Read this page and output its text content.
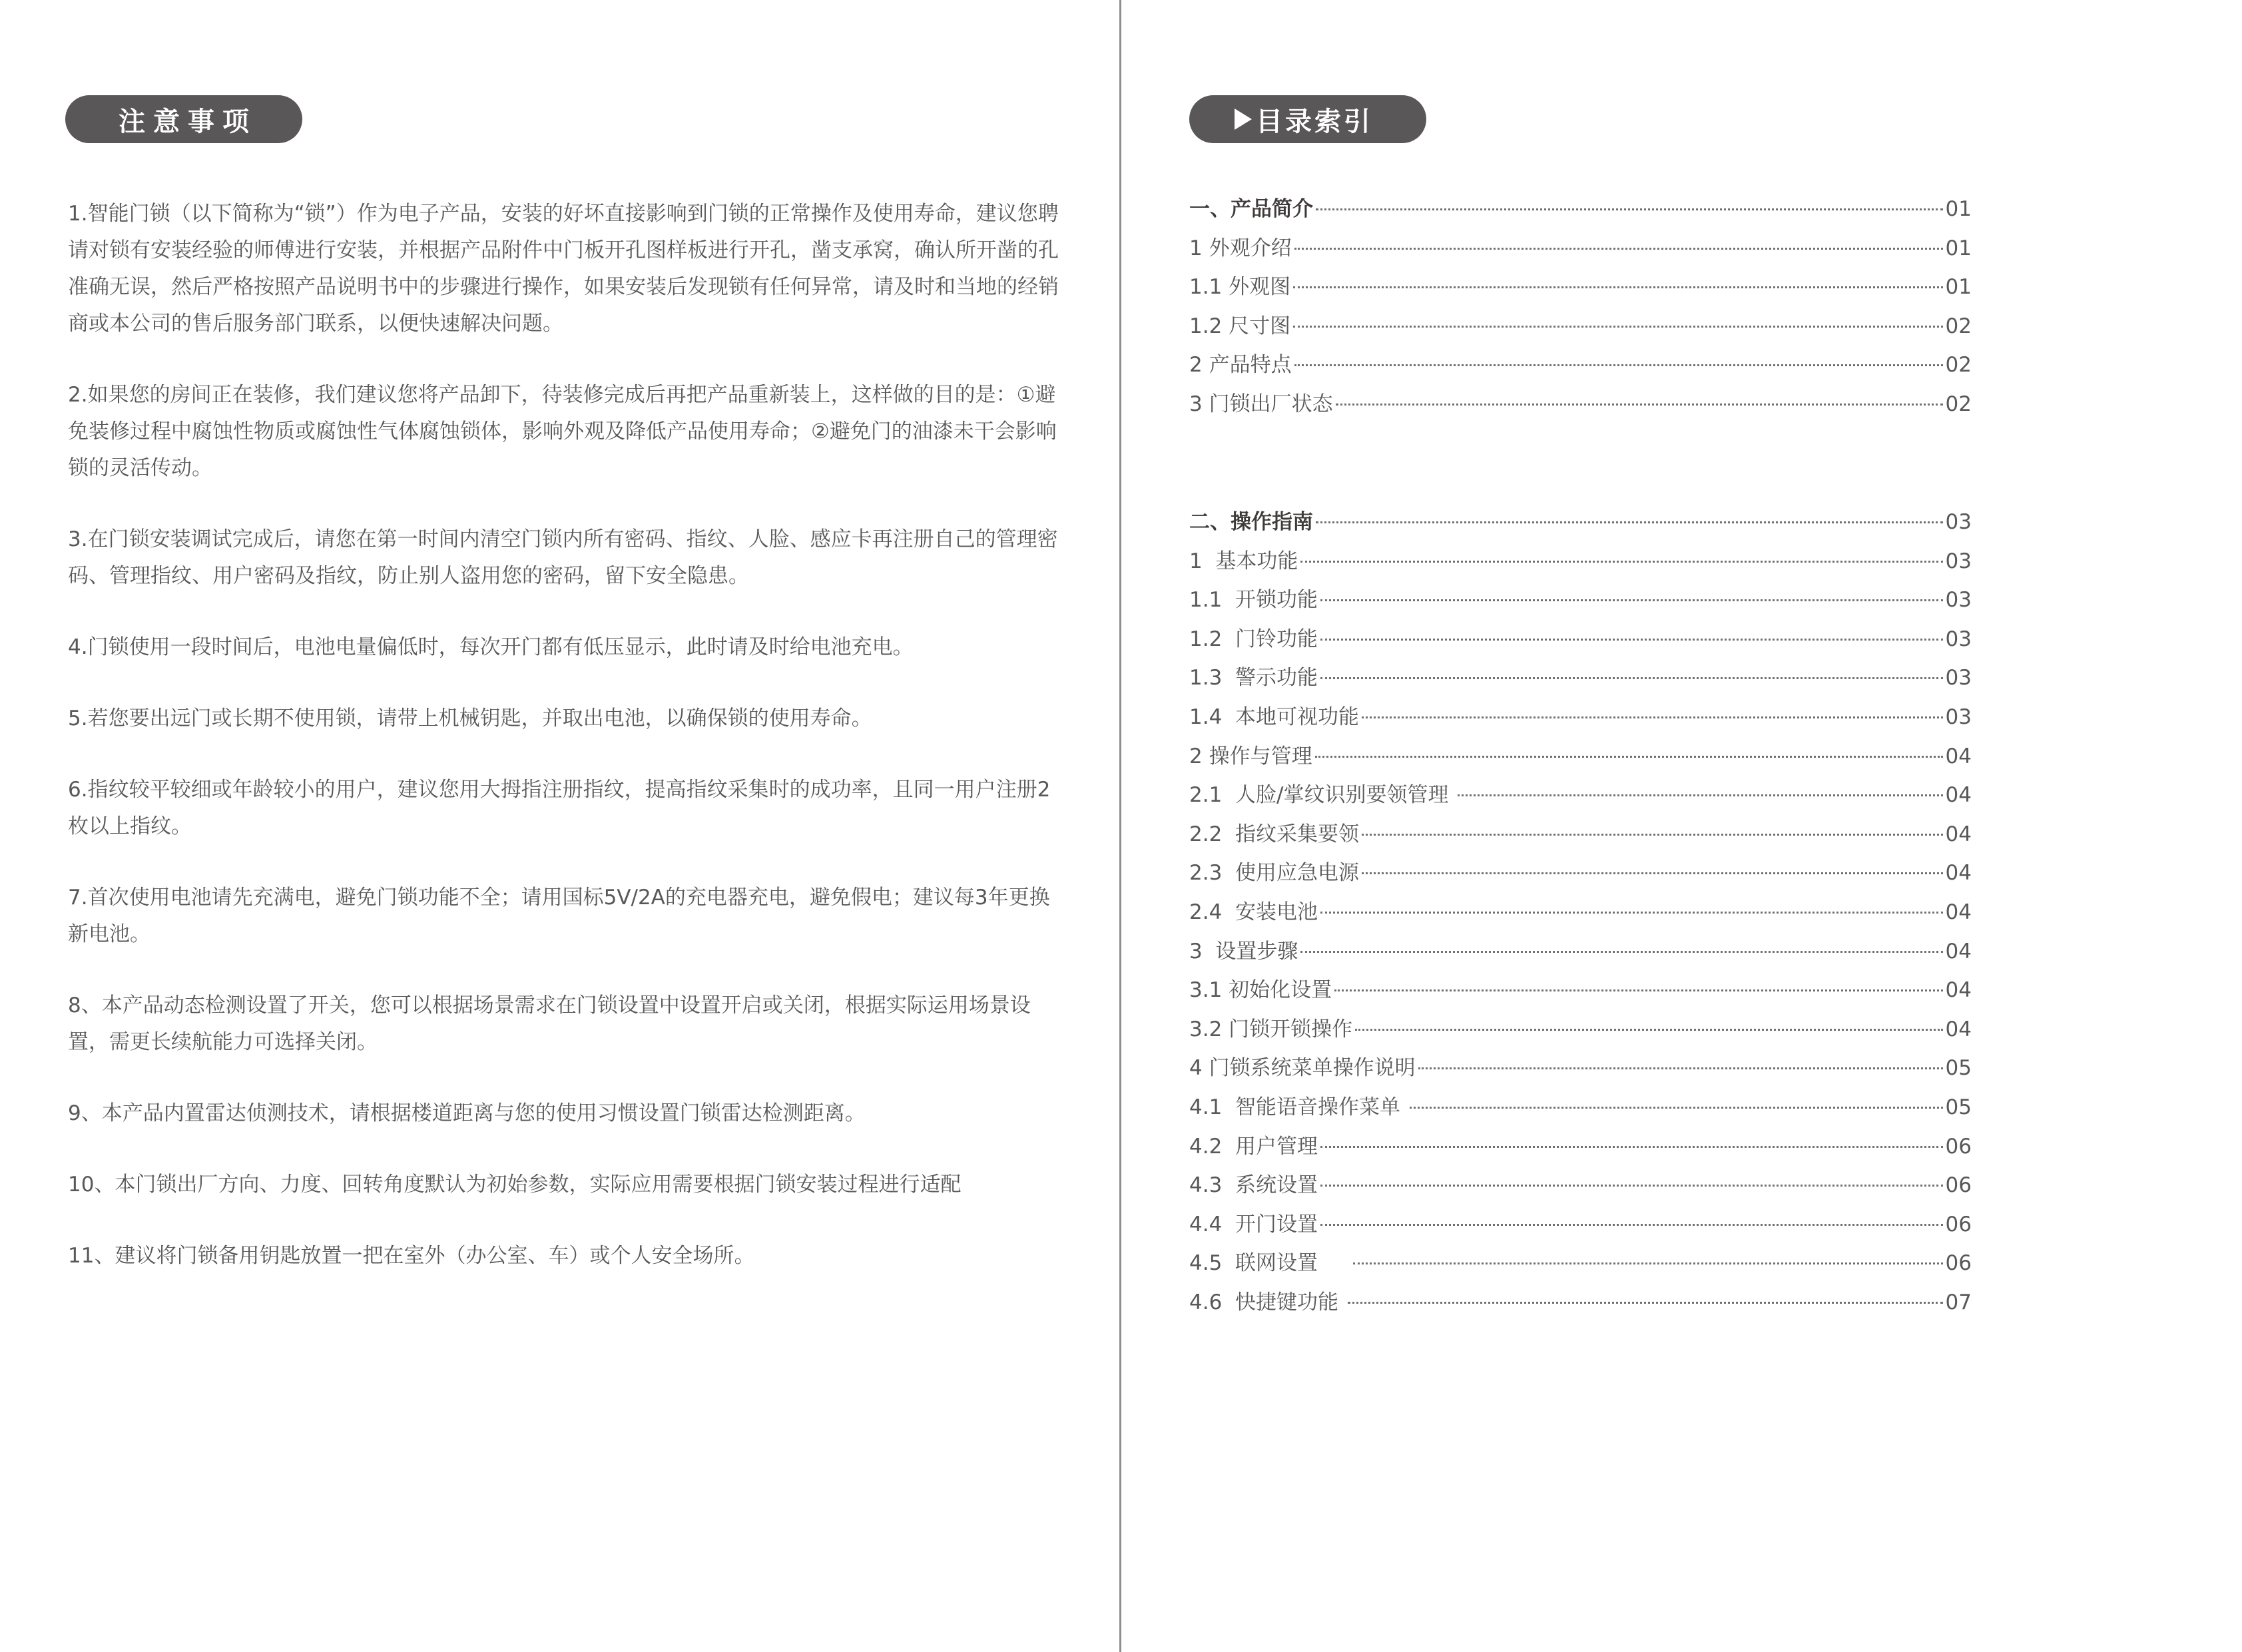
注意事项

1.智能门锁（以下简称为“锁”）作为电子产品，安装的好坏直接影响到门锁的正常操作及使用寿命，建议您聘请对锁有安装经验的师傅进行安装，并根据产品附件中门板开孔图样板进行开孔，凿支承窝，确认所开凿的孔准确无误，然后严格按照产品说明书中的步骤进行操作，如果安装后发现锁有任何异常，请及时和当地的经销商或本公司的售后服务部门联系，以便快速解决问题。

2.如果您的房间正在装修，我们建议您将产品卸下，待装修完成后再把产品重新装上，这样做的目的是：①避免装修过程中腐蚀性物质或腐蚀性气体腐蚀锁体，影响外观及降低产品使用寿命；②避免门的油漆未干会影响锁的灵活传动。

3.在门锁安装调试完成后，请您在第一时间内清空门锁内所有密码、指纹、人脸、感应卡再注册自己的管理密码、管理指纹、用户密码及指纹，防止别人盗用您的密码，留下安全隐患。

4.门锁使用一段时间后，电池电量偏低时，每次开门都有低压显示，此时请及时给电池充电。

5.若您要出远门或长期不使用锁，请带上机械钥匙，并取出电池，以确保锁的使用寿命。

6.指纹较平较细或年龄较小的用户，建议您用大拇指注册指纹，提高指纹采集时的成功率，且同一用户注册2枚以上指纹。

7.首次使用电池请先充满电，避免门锁功能不全；请用国标5V/2A的充电器充电，避免假电；建议每3年更换新电池。

8、本产品动态检测设置了开关，您可以根据场景需求在门锁设置中设置开启或关闭，根据实际运用场景设置，需更长续航能力可选择关闭。

9、本产品内置雷达侦测技术，请根据楼道距离与您的使用习惯设置门锁雷达检测距离。

10、本门锁出厂方向、力度、回转角度默认为初始参数，实际应用需要根据门锁安装过程进行适配

11、建议将门锁备用钥匙放置一把在室外（办公室、车）或个人安全场所。

目录索引
一、产品简介	01
1 外观介绍	01
1.1 外观图	01
1.2 尺寸图	02
2 产品特点	02
3 门锁出厂状态	02
二、操作指南	03
1  基本功能	03
1.1  开锁功能	03
1.2  门铃功能	03
1.3  警示功能	03
1.4  本地可视功能	03
2 操作与管理	04
2.1  人脸/掌纹识别要领管理	04
2.2  指纹采集要领	04
2.3  使用应急电源	04
2.4  安装电池	04
3  设置步骤	04
3.1 初始化设置	04
3.2 门锁开锁操作	04
4 门锁系统菜单操作说明	05
4.1  智能语音操作菜单	05
4.2  用户管理	06
4.3  系统设置	06
4.4  开门设置	06
4.5  联网设置	06
4.6  快捷键功能	07
